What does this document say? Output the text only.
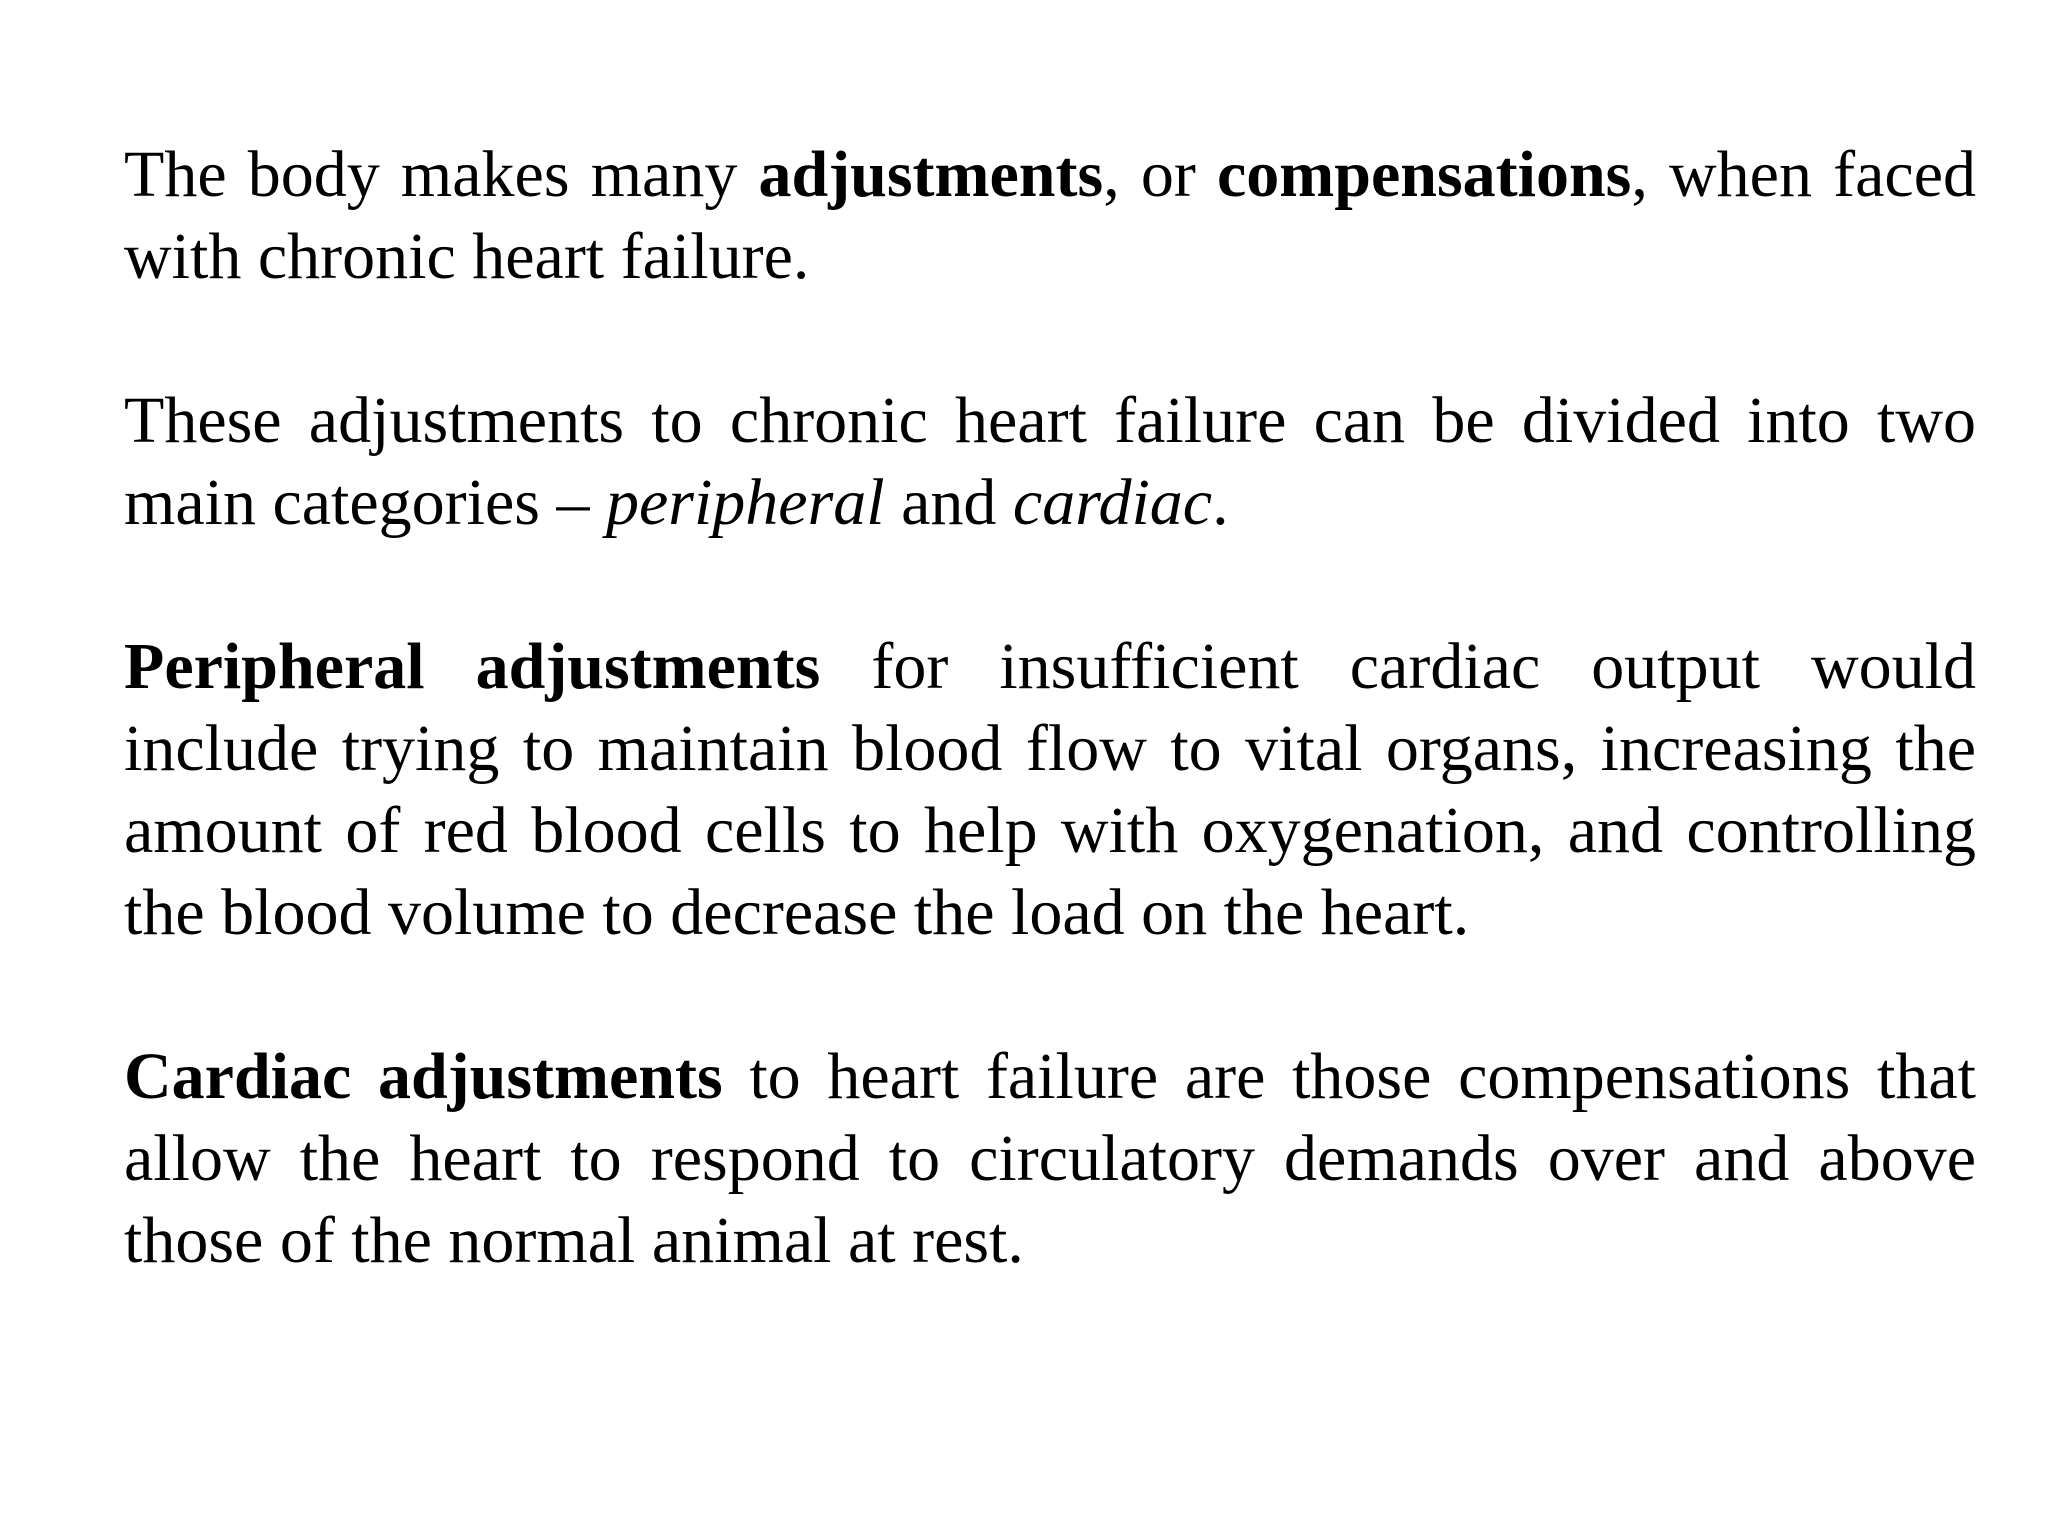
The body makes many adjustments, or compensations, when faced with chronic heart failure.

These adjustments to chronic heart failure can be divided into two main categories – peripheral and cardiac.

Peripheral adjustments for insufficient cardiac output would include trying to maintain blood flow to vital organs, increasing the amount of red blood cells to help with oxygenation, and controlling the blood volume to decrease the load on the heart.

Cardiac adjustments to heart failure are those compensations that allow the heart to respond to circulatory demands over and above those of the normal animal at rest.
